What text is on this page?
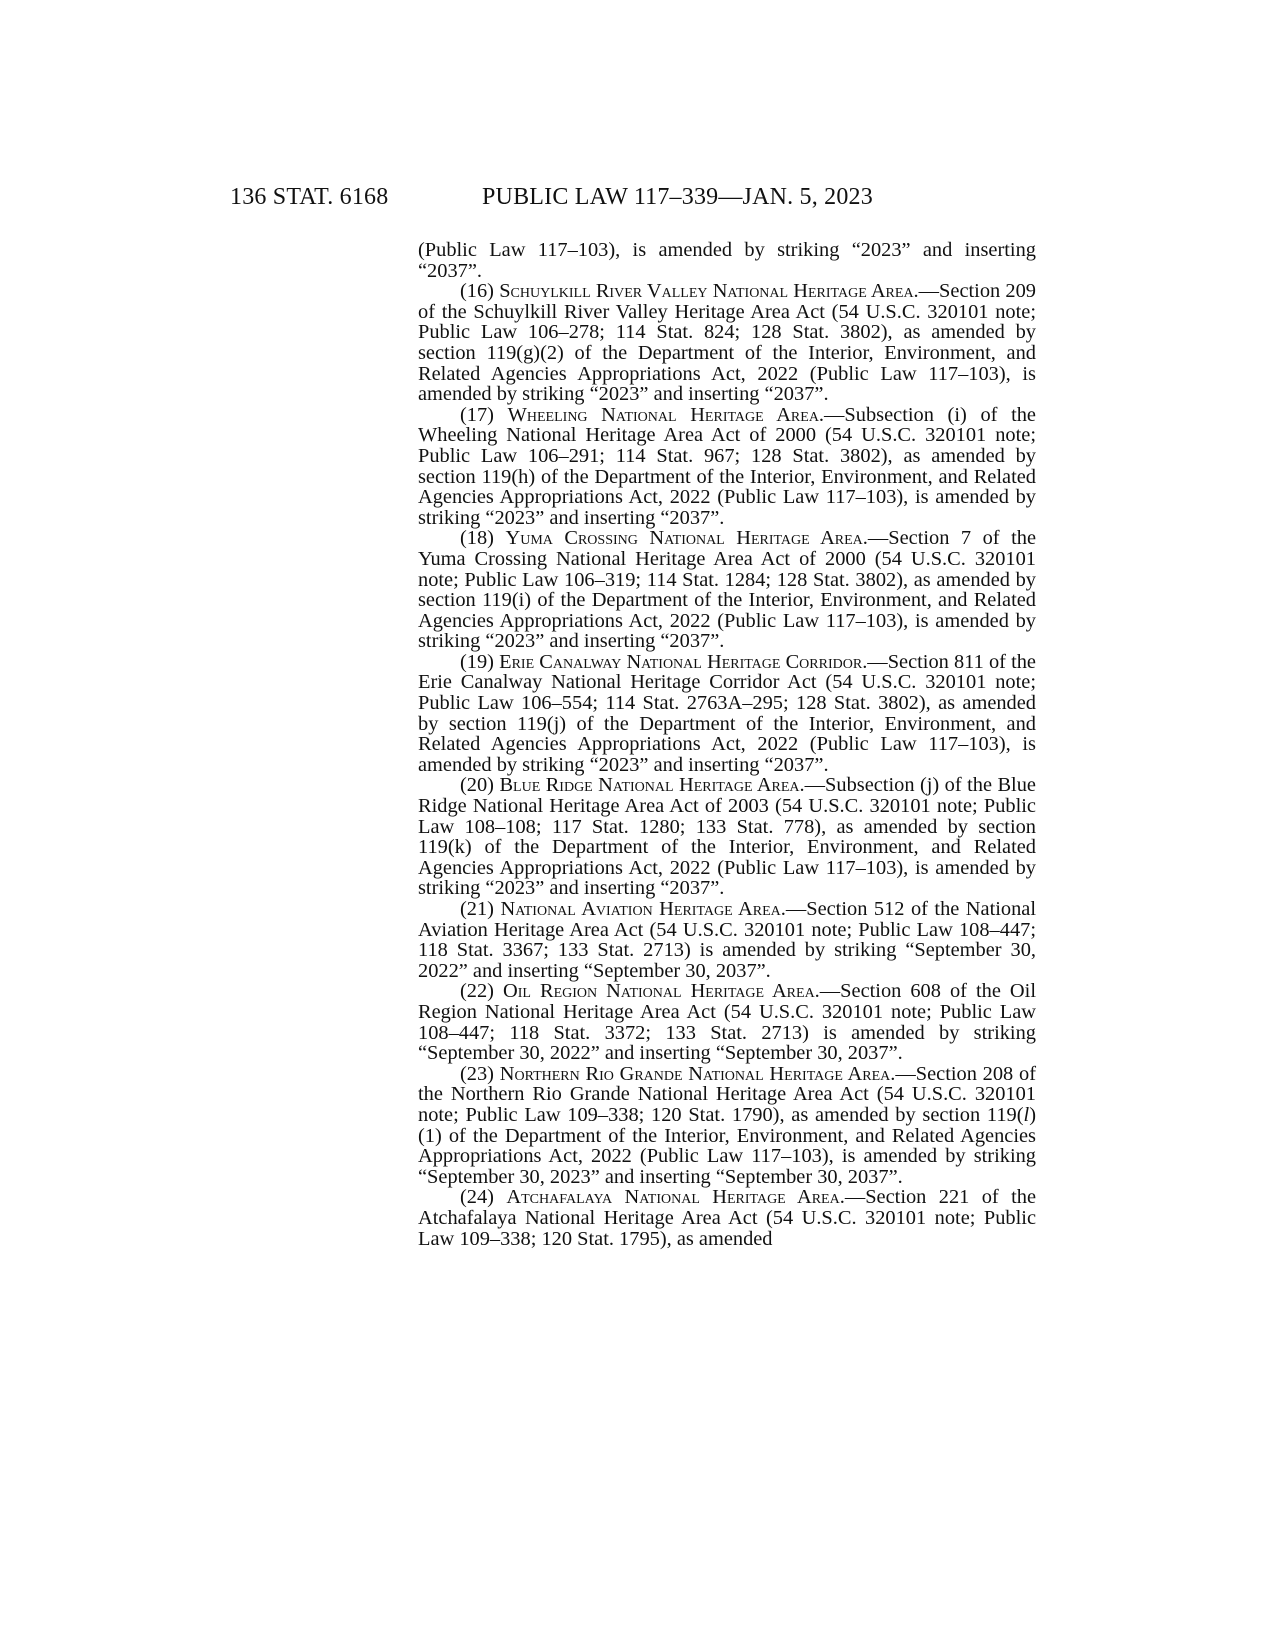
136 STAT. 6168	PUBLIC LAW 117–339—JAN. 5, 2023

(Public Law 117–103), is amended by striking “2023” and inserting “2037”.

(16) Schuylkill River Valley National Heritage Area.—Section 209 of the Schuylkill River Valley Heritage Area Act (54 U.S.C. 320101 note; Public Law 106–278; 114 Stat. 824; 128 Stat. 3802), as amended by section 119(g)(2) of the Department of the Interior, Environment, and Related Agencies Appropriations Act, 2022 (Public Law 117–103), is amended by striking “2023” and inserting “2037”.

(17) Wheeling National Heritage Area.—Subsection (i) of the Wheeling National Heritage Area Act of 2000 (54 U.S.C. 320101 note; Public Law 106–291; 114 Stat. 967; 128 Stat. 3802), as amended by section 119(h) of the Department of the Interior, Environment, and Related Agencies Appropriations Act, 2022 (Public Law 117–103), is amended by striking “2023” and inserting “2037”.

(18) Yuma Crossing National Heritage Area.—Section 7 of the Yuma Crossing National Heritage Area Act of 2000 (54 U.S.C. 320101 note; Public Law 106–319; 114 Stat. 1284; 128 Stat. 3802), as amended by section 119(i) of the Department of the Interior, Environment, and Related Agencies Appropriations Act, 2022 (Public Law 117–103), is amended by striking “2023” and inserting “2037”.

(19) Erie Canalway National Heritage Corridor.—Section 811 of the Erie Canalway National Heritage Corridor Act (54 U.S.C. 320101 note; Public Law 106–554; 114 Stat. 2763A–295; 128 Stat. 3802), as amended by section 119(j) of the Department of the Interior, Environment, and Related Agencies Appropriations Act, 2022 (Public Law 117–103), is amended by striking “2023” and inserting “2037”.

(20) Blue Ridge National Heritage Area.—Subsection (j) of the Blue Ridge National Heritage Area Act of 2003 (54 U.S.C. 320101 note; Public Law 108–108; 117 Stat. 1280; 133 Stat. 778), as amended by section 119(k) of the Department of the Interior, Environment, and Related Agencies Appropriations Act, 2022 (Public Law 117–103), is amended by striking “2023” and inserting “2037”.

(21) National Aviation Heritage Area.—Section 512 of the National Aviation Heritage Area Act (54 U.S.C. 320101 note; Public Law 108–447; 118 Stat. 3367; 133 Stat. 2713) is amended by striking “September 30, 2022” and inserting “September 30, 2037”.

(22) Oil Region National Heritage Area.—Section 608 of the Oil Region National Heritage Area Act (54 U.S.C. 320101 note; Public Law 108–447; 118 Stat. 3372; 133 Stat. 2713) is amended by striking “September 30, 2022” and inserting “September 30, 2037”.

(23) Northern Rio Grande National Heritage Area.—Section 208 of the Northern Rio Grande National Heritage Area Act (54 U.S.C. 320101 note; Public Law 109–338; 120 Stat. 1790), as amended by section 119(l)(1) of the Department of the Interior, Environment, and Related Agencies Appropriations Act, 2022 (Public Law 117–103), is amended by striking “September 30, 2023” and inserting “September 30, 2037”.

(24) Atchafalaya National Heritage Area.—Section 221 of the Atchafalaya National Heritage Area Act (54 U.S.C. 320101 note; Public Law 109–338; 120 Stat. 1795), as amended
